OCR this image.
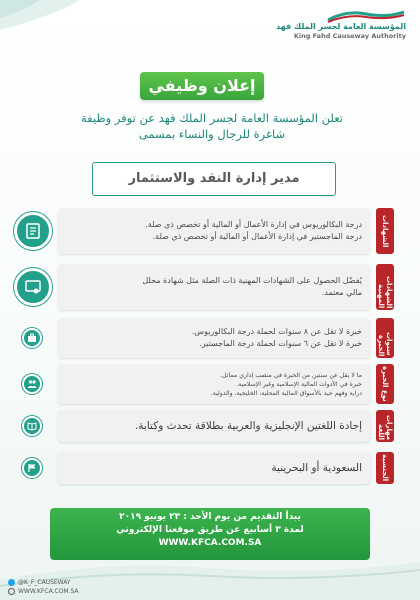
المؤسسة العامة لجسر الملك فهد
King Fahd Causeway Authority
إعلان وظيفي
تعلن المؤسسة العامة لجسر الملك فهد عن توفر وظيفة
شاغرة للرجال والنساء بمسمى
مدير إدارة النقد والاستثمار
درجة البكالوريوس في إدارة الأعمال أو المالية أو تخصص ذي صلة.
درجة الماجستير في إدارة الأعمال أو المالية أو تخصص ذي صلة.	الشهادات
يُفضّل الحصول على الشهادات المهنية ذات الصلة مثل شهادة محلل
مالي معتمد.	الشهادات المهنية
خبرة لا تقل عن ٨ سنوات لحملة درجة البكالوريوس.
خبرة لا تقل عن ٦ سنوات لحملة درجة الماجستير.	سنوات الخبرة
ما لا يقل عن سنتين من الخبرة في منصب إداري مماثل.
خبرة في الأدوات المالية الإسلامية وغير الإسلامية.
دراية وفهم جيد بالأسواق المالية المحلية، الخليجية، والدولية.	نوع الخبرة
إجادة اللغتين الإنجليزية والعربية بطلاقة تحدث وكتابة.	مهارات اللغة
السعودية أو البحرينية	الجنسية
يبدأ التقديم من يوم الأحد : ٢٣ يونيو ٢٠١٩
لمدة ٣ أسابيع عن طريق موقعنا الإلكتروني
WWW.KFCA.COM.SA
@K_F_CAUSEWAY
WWW.KFCA.COM.SA
